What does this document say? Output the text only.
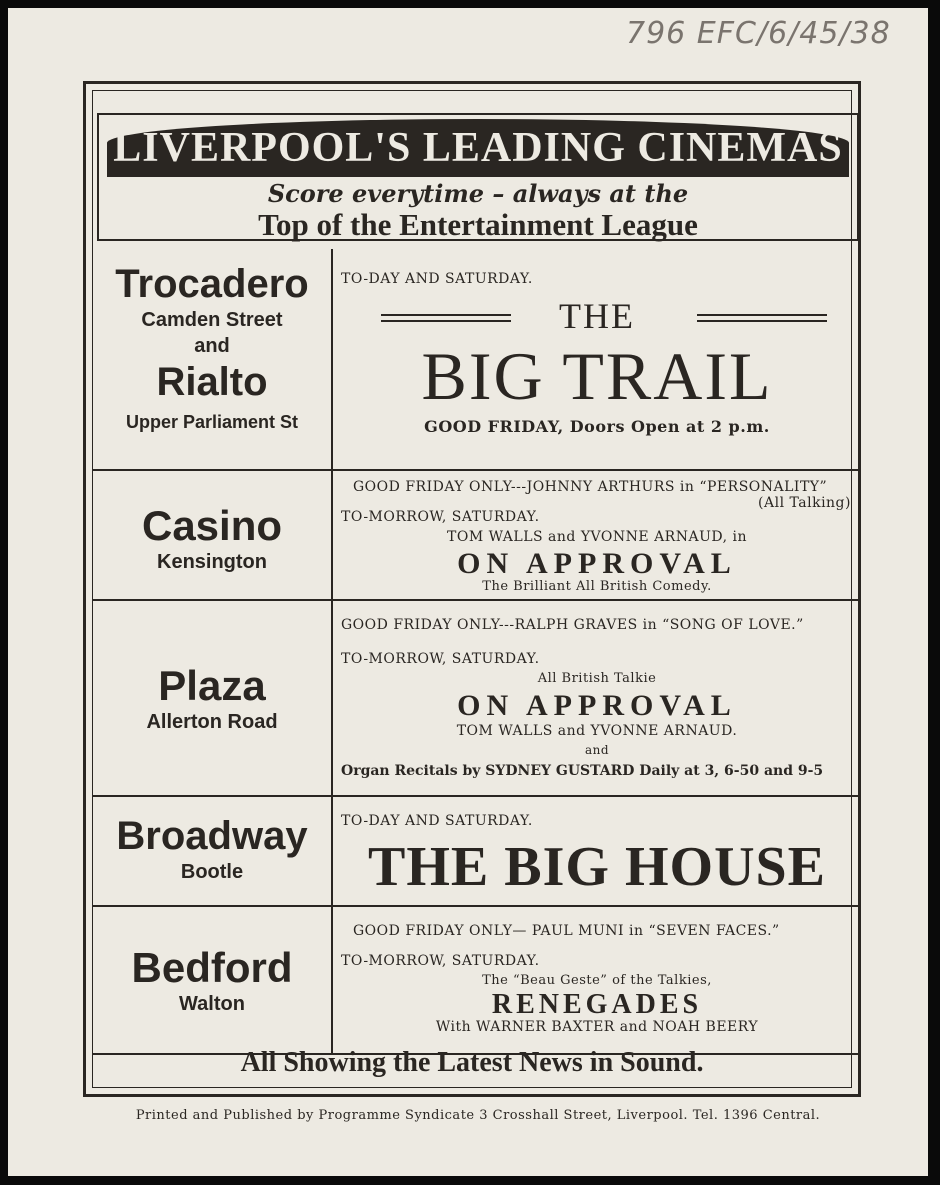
796 EFC/6/45/38
LIVERPOOL'S LEADING CINEMAS
Score everytime – always at the
Top of the Entertainment League
Trocadero
Camden Street
and
Rialto
Upper Parliament St
TO-DAY AND SATURDAY.
THE
BIG TRAIL
GOOD FRIDAY, Doors Open at 2 p.m.
Casino
Kensington
GOOD FRIDAY ONLY---JOHNNY ARTHURS in “PERSONALITY”
(All Talking)
TO-MORROW, SATURDAY.
TOM WALLS and YVONNE ARNAUD, in
ON APPROVAL
The Brilliant All British Comedy.
Plaza
Allerton Road
GOOD FRIDAY ONLY---RALPH GRAVES in “SONG OF LOVE.”
TO-MORROW, SATURDAY.
All British Talkie
ON APPROVAL
TOM WALLS and YVONNE ARNAUD.
and
Organ Recitals by SYDNEY GUSTARD Daily at 3, 6-50 and 9-5
Broadway
Bootle
TO-DAY AND SATURDAY.
THE BIG HOUSE
Bedford
Walton
GOOD FRIDAY ONLY— PAUL MUNI in “SEVEN FACES.”
TO-MORROW, SATURDAY.
The “Beau Geste” of the Talkies,
RENEGADES
With WARNER BAXTER and NOAH BEERY
All Showing the Latest News in Sound.
Printed and Published by Programme Syndicate 3 Crosshall Street, Liverpool. Tel. 1396 Central.
